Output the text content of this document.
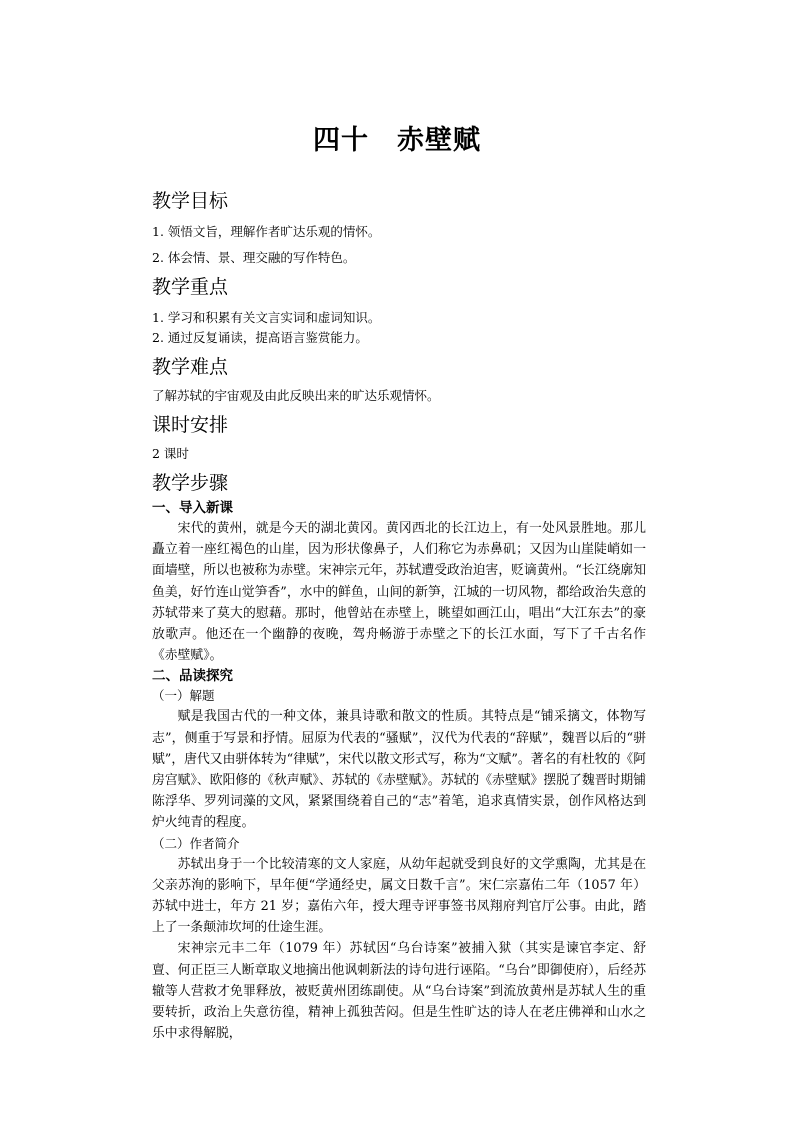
四十 赤壁赋
教学目标

1. 领悟文旨，理解作者旷达乐观的情怀。

2. 体会情、景、理交融的写作特色。

教学重点

1. 学习和积累有关文言实词和虚词知识。

2. 通过反复诵读，提高语言鉴赏能力。

教学难点

了解苏轼的宇宙观及由此反映出来的旷达乐观情怀。

课时安排

2 课时

教学步骤

一、导入新课

宋代的黄州，就是今天的湖北黄冈。黄冈西北的长江边上，有一处风景胜地。那儿矗立着一座红褐色的山崖，因为形状像鼻子，人们称它为赤鼻矶；又因为山崖陡峭如一面墙壁，所以也被称为赤壁。宋神宗元年，苏轼遭受政治迫害，贬谪黄州。“长江绕廓知鱼美，好竹连山觉笋香”，水中的鲜鱼，山间的新笋，江城的一切风物，都给政治失意的苏轼带来了莫大的慰藉。那时，他曾站在赤壁上，眺望如画江山，唱出“大江东去”的豪放歌声。他还在一个幽静的夜晚，驾舟畅游于赤壁之下的长江水面，写下了千古名作《赤壁赋》。

二、品读探究

（一）解题

赋是我国古代的一种文体，兼具诗歌和散文的性质。其特点是“铺采摛文，体物写志”，侧重于写景和抒情。屈原为代表的“骚赋”，汉代为代表的“辞赋”，魏晋以后的“骈赋”，唐代又由骈体转为“律赋”，宋代以散文形式写，称为“文赋”。著名的有杜牧的《阿房宫赋》、欧阳修的《秋声赋》、苏轼的《赤壁赋》。苏轼的《赤壁赋》摆脱了魏晋时期铺陈浮华、罗列词藻的文风，紧紧围绕着自己的“志”着笔，追求真情实景，创作风格达到炉火纯青的程度。

（二）作者简介

苏轼出身于一个比较清寒的文人家庭，从幼年起就受到良好的文学熏陶，尤其是在父亲苏洵的影响下，早年便“学通经史，属文日数千言”。宋仁宗嘉佑二年（1057 年）苏轼中进士，年方 21 岁；嘉佑六年，授大理寺评事签书凤翔府判官厅公事。由此，踏上了一条颠沛坎坷的仕途生涯。

宋神宗元丰二年（1079 年）苏轼因“乌台诗案”被捕入狱（其实是谏官李定、舒亶、何正臣三人断章取义地摘出他讽刺新法的诗句进行诬陷。“乌台”即御使府），后经苏辙等人营救才免罪释放，被贬黄州团练副使。从“乌台诗案”到流放黄州是苏轼人生的重要转折，政治上失意彷徨，精神上孤独苦闷。但是生性旷达的诗人在老庄佛禅和山水之乐中求得解脱，
